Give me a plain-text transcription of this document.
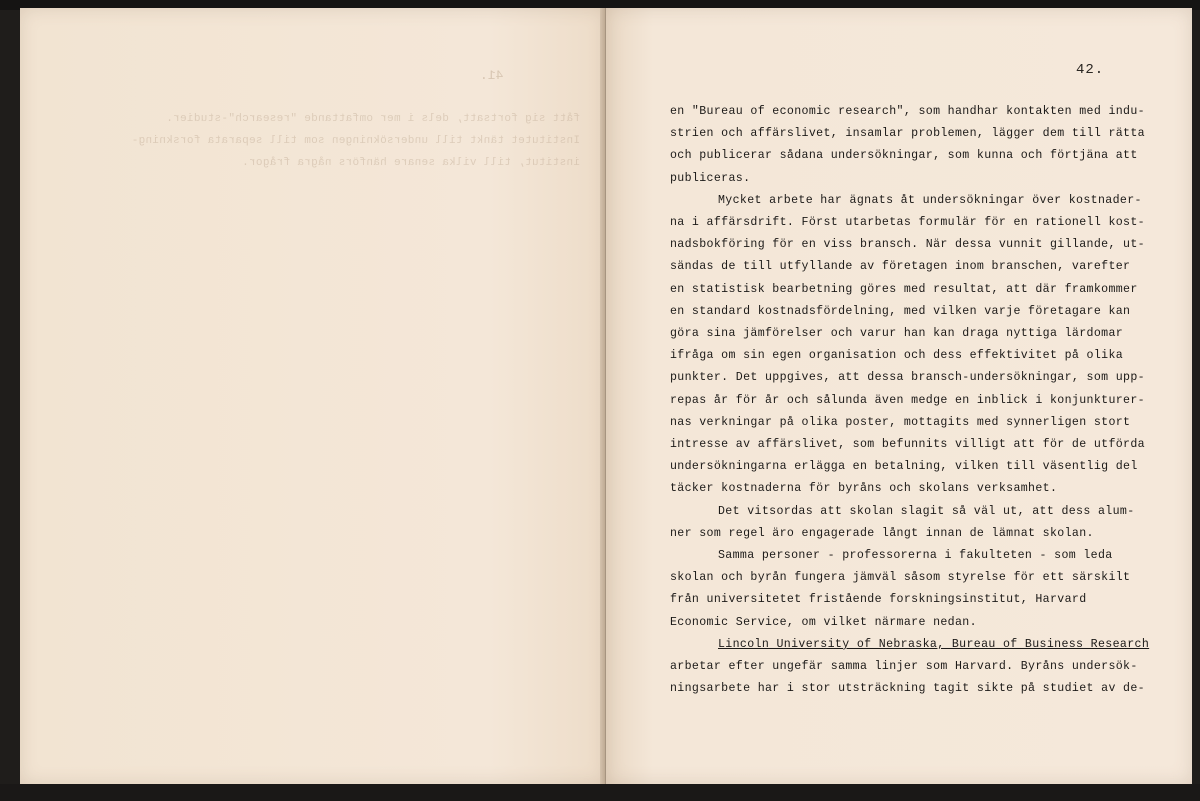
41.

fått sig fortsatt, dels i mer omfattande "research"-studier.

Institutet tänkt till undersökningen som till separata forskning-

institut, till vilka senare hänförs några frågor.

42.

en "Bureau of economic research", som handhar kontakten med indu-

strien och affärslivet, insamlar problemen, lägger dem till rätta

och publicerar sådana undersökningar, som kunna och förtjäna att

publiceras.

Mycket arbete har ägnats åt undersökningar över kostnader-

na i affärsdrift. Först utarbetas formulär för en rationell kost-

nadsbokföring för en viss bransch. När dessa vunnit gillande, ut-

sändas de till utfyllande av företagen inom branschen, varefter

en statistisk bearbetning göres med resultat, att där framkommer

en standard kostnadsfördelning, med vilken varje företagare kan

göra sina jämförelser och varur han kan draga nyttiga lärdomar

ifråga om sin egen organisation och dess effektivitet på olika

punkter. Det uppgives, att dessa bransch-undersökningar, som upp-

repas år för år och sålunda även medge en inblick i konjunkturer-

nas verkningar på olika poster, mottagits med synnerligen stort

intresse av affärslivet, som befunnits villigt att för de utförda

undersökningarna erlägga en betalning, vilken till väsentlig del

täcker kostnaderna för byråns och skolans verksamhet.

Det vitsordas att skolan slagit så väl ut, att dess alum-

ner som regel äro engagerade långt innan de lämnat skolan.

Samma personer - professorerna i fakulteten - som leda

skolan och byrån fungera jämväl såsom styrelse för ett särskilt

från universitetet fristående forskningsinstitut, Harvard

Economic Service, om vilket närmare nedan.

Lincoln University of Nebraska, Bureau of Business Research

arbetar efter ungefär samma linjer som Harvard. Byråns undersök-

ningsarbete har i stor utsträckning tagit sikte på studiet av de-
